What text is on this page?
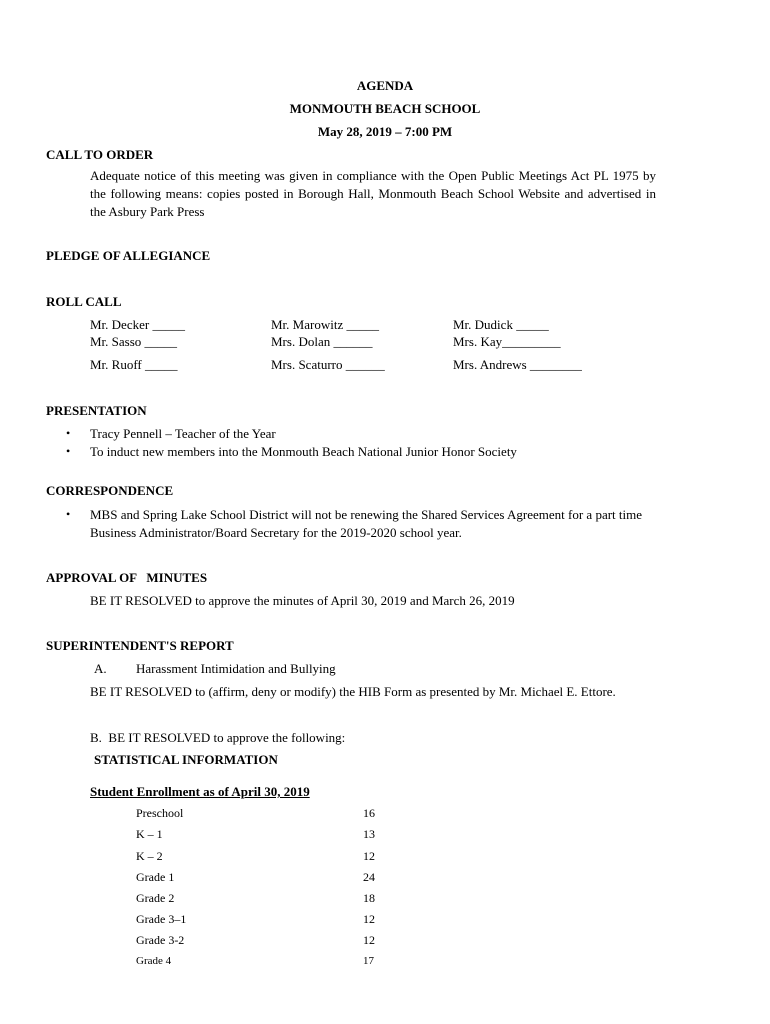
AGENDA
MONMOUTH BEACH SCHOOL
May 28, 2019 – 7:00 PM
CALL TO ORDER
Adequate notice of this meeting was given in compliance with the Open Public Meetings Act PL 1975 by the following means: copies posted in Borough Hall, Monmouth Beach School Website and advertised in the Asbury Park Press
PLEDGE OF ALLEGIANCE
ROLL CALL
Mr. Decker _____	Mr. Marowitz _____	Mr. Dudick _____
Mr. Sasso _____	Mrs. Dolan ______	Mrs. Kay_________
Mr. Ruoff _____	Mrs. Scaturro ______	Mrs. Andrews ________
PRESENTATION
• Tracy Pennell – Teacher of the Year
• To induct new members into the Monmouth Beach National Junior Honor Society
CORRESPONDENCE
• MBS and Spring Lake School District will not be renewing the Shared Services Agreement for a part time Business Administrator/Board Secretary for the 2019-2020 school year.
APPROVAL OF   MINUTES
BE IT RESOLVED to approve the minutes of April 30, 2019 and March 26, 2019
SUPERINTENDENT'S REPORT
A. Harassment Intimidation and Bullying
BE IT RESOLVED to (affirm, deny or modify) the HIB Form as presented by Mr. Michael E. Ettore.
B.  BE IT RESOLVED to approve the following:
STATISTICAL INFORMATION
Student Enrollment as of April 30, 2019
Preschool	16
K – 1	13
K – 2	12
Grade 1	24
Grade 2	18
Grade 3–1	12
Grade 3-2	12
Grade 4	17
